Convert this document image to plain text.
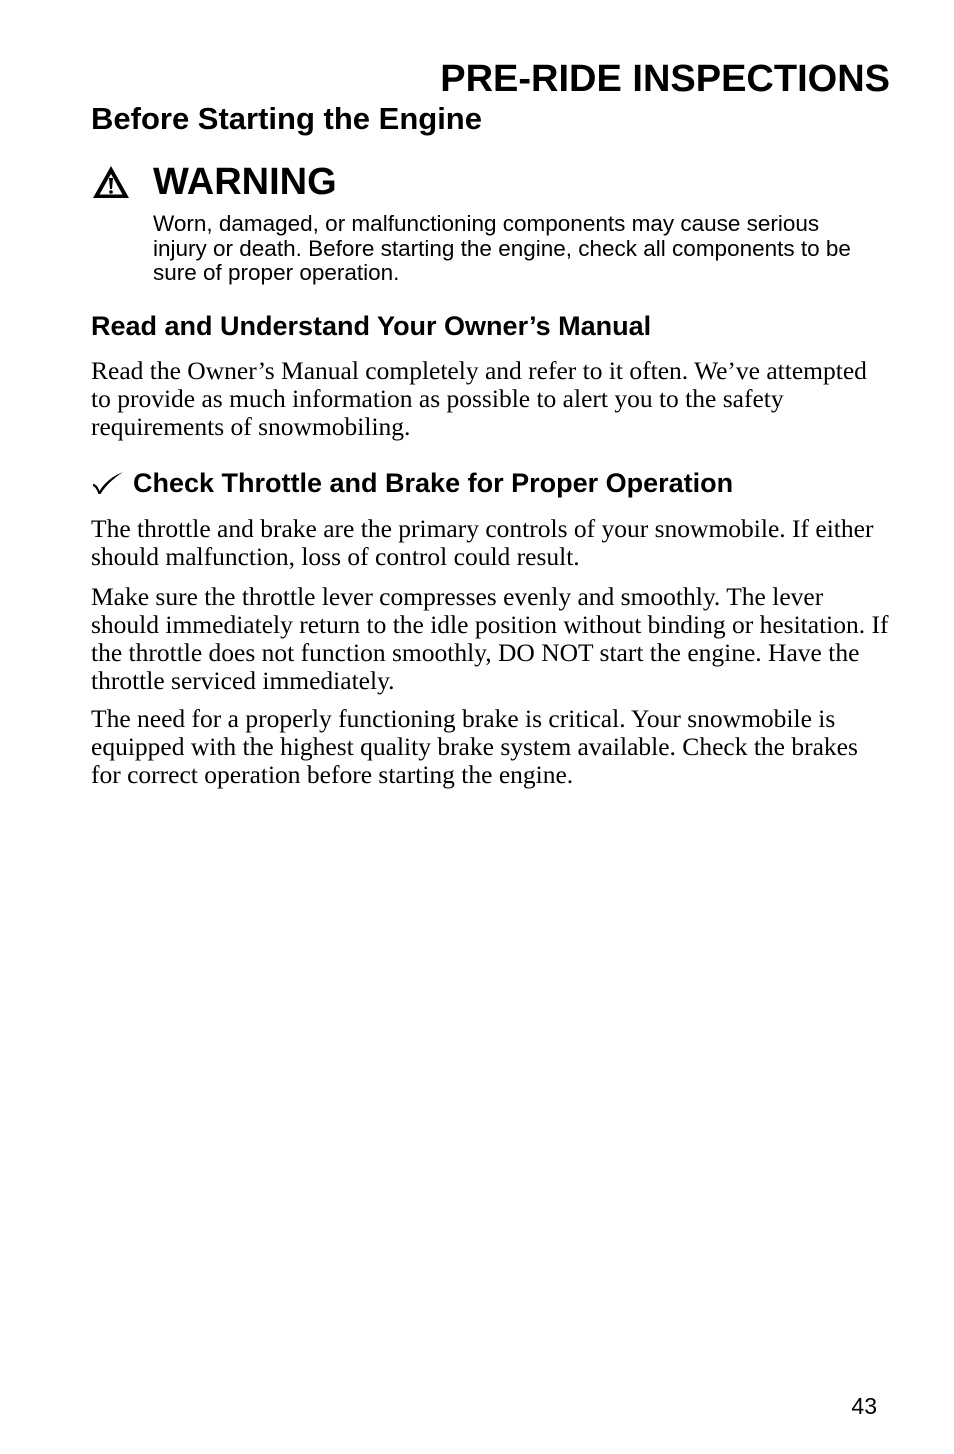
PRE-RIDE INSPECTIONS
Before Starting the Engine
WARNING

Worn, damaged, or malfunctioning components may cause serious injury or death. Before starting the engine, check all components to be sure of proper operation.

Read and Understand Your Owner’s Manual

Read the Owner’s Manual completely and refer to it often. We’ve attempted to provide as much information as possible to alert you to the safety requirements of snowmobiling.

Check Throttle and Brake for Proper Operation

The throttle and brake are the primary controls of your snowmobile. If either should malfunction, loss of control could result.

Make sure the throttle lever compresses evenly and smoothly. The lever should immediately return to the idle position without binding or hesitation. If the throttle does not function smoothly, DO NOT start the engine. Have the throttle serviced immediately.

The need for a properly functioning brake is critical. Your snowmobile is equipped with the highest quality brake system available. Check the brakes for correct operation before starting the engine.

43
